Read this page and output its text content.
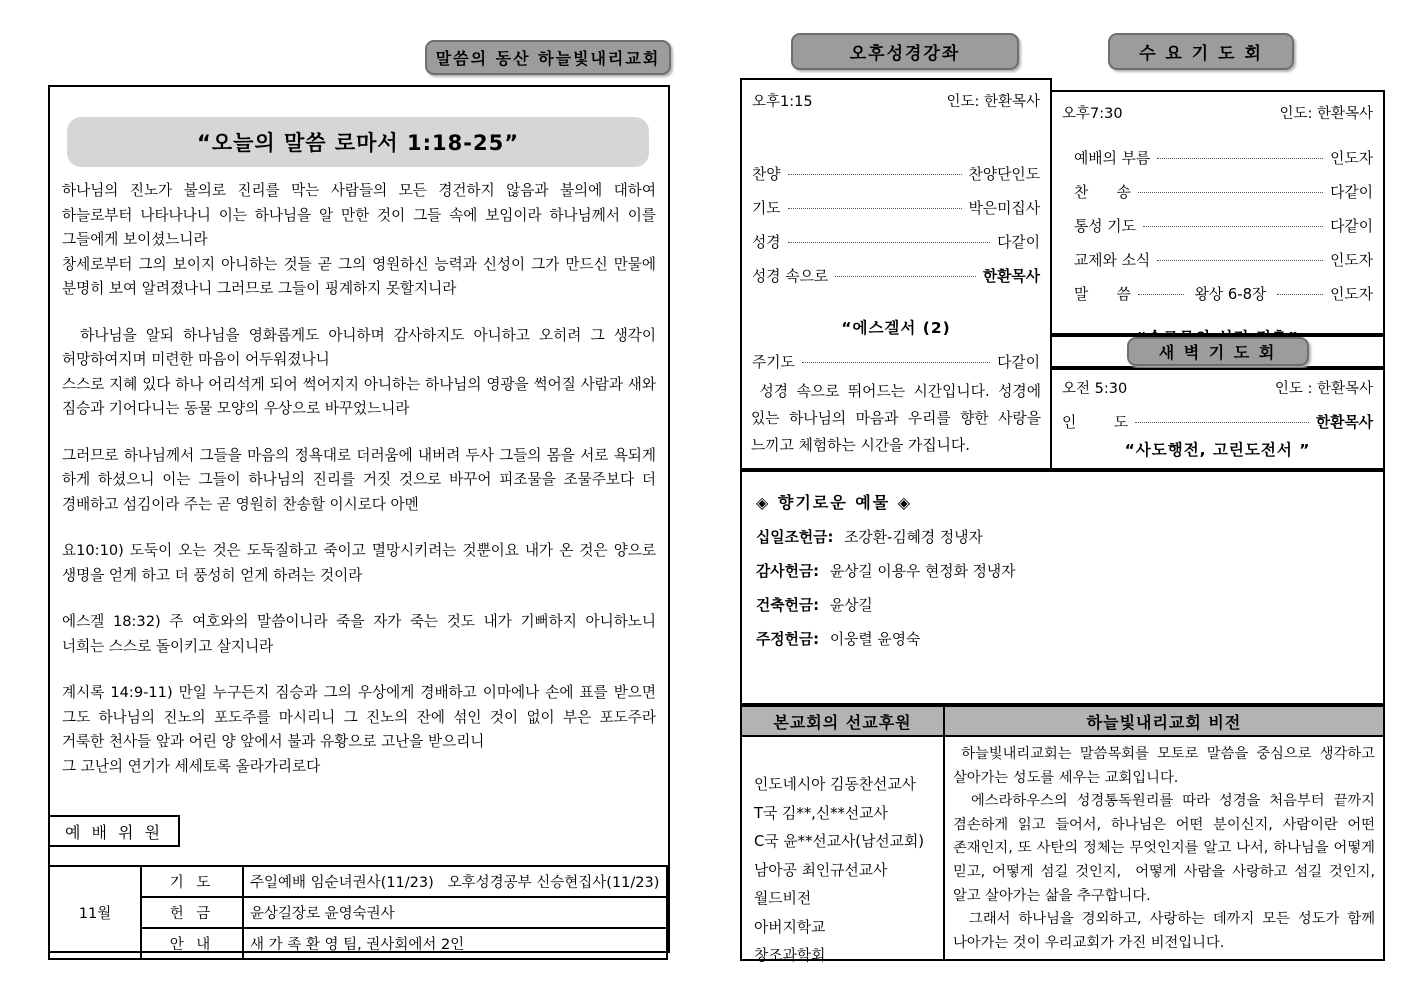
말씀의 동산 하늘빛내리교회
“오늘의 말씀 로마서 1:18-25”
하나님의 진노가 불의로 진리를 막는 사람들의 모든 경건하지 않음과 불의에 대하여 하늘로부터 나타나나니 이는 하나님을 알 만한 것이 그들 속에 보임이라 하나님께서 이를 그들에게 보이셨느니라
창세로부터 그의 보이지 아니하는 것들 곧 그의 영원하신 능력과 신성이 그가 만드신 만물에 분명히 보여 알려졌나니 그러므로 그들이 핑계하지 못할지니라
하나님을 알되 하나님을 영화롭게도 아니하며 감사하지도 아니하고 오히려 그 생각이 허망하여지며 미련한 마음이 어두워졌나니
스스로 지혜 있다 하나 어리석게 되어 썩어지지 아니하는 하나님의 영광을 썩어질 사람과 새와 짐승과 기어다니는 동물 모양의 우상으로 바꾸었느니라
그러므로 하나님께서 그들을 마음의 정욕대로 더러움에 내버려 두사 그들의 몸을 서로 욕되게 하게 하셨으니 이는 그들이 하나님의 진리를 거짓 것으로 바꾸어 피조물을 조물주보다 더 경배하고 섬김이라 주는 곧 영원히 찬송할 이시로다 아멘
요10:10) 도둑이 오는 것은 도둑질하고 죽이고 멸망시키려는 것뿐이요 내가 온 것은 양으로 생명을 얻게 하고 더 풍성히 얻게 하려는 것이라
에스겔 18:32) 주 여호와의 말씀이니라 죽을 자가 죽는 것도 내가 기뻐하지 아니하노니 너희는 스스로 돌이키고 살지니라
계시록 14:9-11) 만일 누구든지 짐승과 그의 우상에게 경배하고 이마에나 손에 표를 받으면 그도 하나님의 진노의 포도주를 마시리니 그 진노의 잔에 섞인 것이 없이 부은 포도주라 거룩한 천사들 앞과 어린 양 앞에서 불과 유황으로 고난을 받으리니
그 고난의 연기가 세세토록 올라가리로다
예 배 위 원
11월	기 도	주일예배 임순녀권사(11/23)   오후성경공부 신승현집사(11/23)
	헌 금	윤상길장로 윤영숙권사
	안 내	새 가 족 환 영 팀, 권사회에서 2인
오후성경강좌	수 요 기 도 회
오후1:15	인도: 한환목사
찬양	찬양단인도
기도	박은미집사
성경	다같이
성경 속으로	한환목사
“에스겔서 (2)
주기도	다같이
성경 속으로 뛰어드는 시간입니다. 성경에 있는 하나님의 마음과 우리를 향한 사랑을 느끼고 체험하는 시간을 가집니다.
오후7:30	인도: 한환목사
예배의 부름	인도자
찬      송	다같이
통성 기도	다같이
교제와 소식	인도자
말      씀	왕상 6-8장	인도자
새 벽 기 도 회
오전 5:30	인도 : 한환목사
인        도	한환목사
“사도행전, 고린도전서 ”
◈ 향기로운 예물 ◈
십일조헌금: 조강환-김혜경 정냉자
감사헌금: 윤상길 이용우 현정화 정냉자
건축헌금: 윤상길
주정헌금: 이웅렬 윤영숙
본교회의 선교후원	하늘빛내리교회 비전
인도네시아 김동찬선교사
T국 김**,신**선교사
C국 윤**선교사(남선교회)
남아공 최인규선교사
월드비전
아버지학교
창조과학회
하늘빛내리교회는 말씀목회를 모토로 말씀을 중심으로 생각하고 살아가는 성도를 세우는 교회입니다.
에스라하우스의 성경통독원리를 따라 성경을 처음부터 끝까지 겸손하게 읽고 들어서, 하나님은 어떤 분이신지, 사람이란 어떤 존재인지, 또 사탄의 정체는 무엇인지를 알고 나서, 하나님을 어떻게 믿고, 어떻게 섬길 것인지,  어떻게 사람을 사랑하고 섬길 것인지, 알고 살아가는 삶을 추구합니다.
그래서 하나님을 경외하고, 사랑하는 데까지 모든 성도가 함께 나아가는 것이 우리교회가 가진 비전입니다.
